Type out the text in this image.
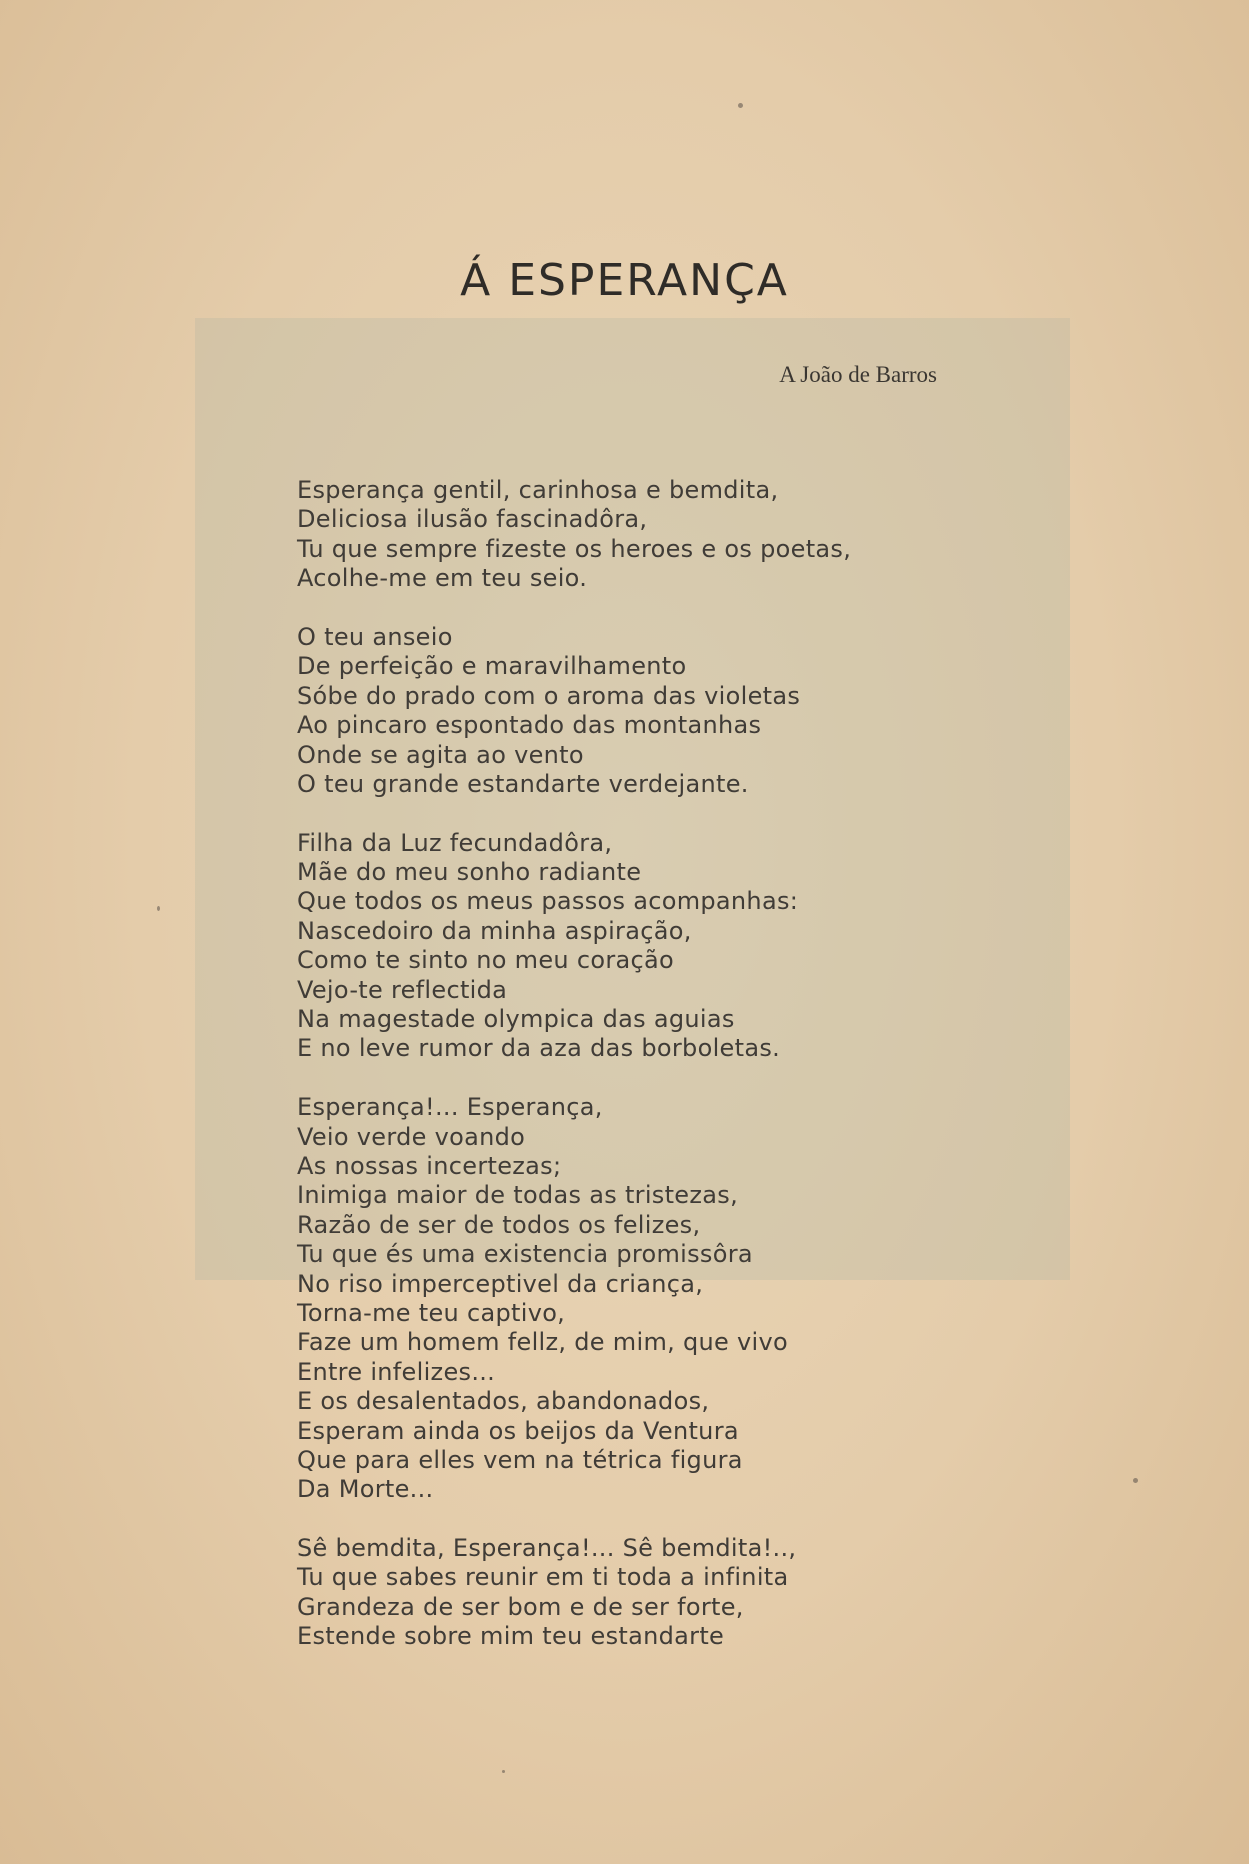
Á ESPERANÇA
A João de Barros
Esperança gentil, carinhosa e bemdita,
Deliciosa ilusão fascinadôra,
Tu que sempre fizeste os heroes e os poetas,
Acolhe-me em teu seio.
O teu anseio
De perfeição e maravilhamento
Sóbe do prado com o aroma das violetas
Ao pincaro espontado das montanhas
Onde se agita ao vento
O teu grande estandarte verdejante.
Filha da Luz fecundadôra,
Mãe do meu sonho radiante
Que todos os meus passos acompanhas:
Nascedoiro da minha aspiração,
Como te sinto no meu coração
Vejo-te reflectida
Na magestade olympica das aguias
E no leve rumor da aza das borboletas.
Esperança!... Esperança,
Veio verde voando
As nossas incertezas;
Inimiga maior de todas as tristezas,
Razão de ser de todos os felizes,
Tu que és uma existencia promissôra
No riso imperceptivel da criança,
Torna-me teu captivo,
Faze um homem fellz, de mim, que vivo
Entre infelizes...
E os desalentados, abandonados,
Esperam ainda os beijos da Ventura
Que para elles vem na tétrica figura
Da Morte...
Sê bemdita, Esperança!... Sê bemdita!..,
Tu que sabes reunir em ti toda a infinita
Grandeza de ser bom e de ser forte,
Estende sobre mim teu estandarte
